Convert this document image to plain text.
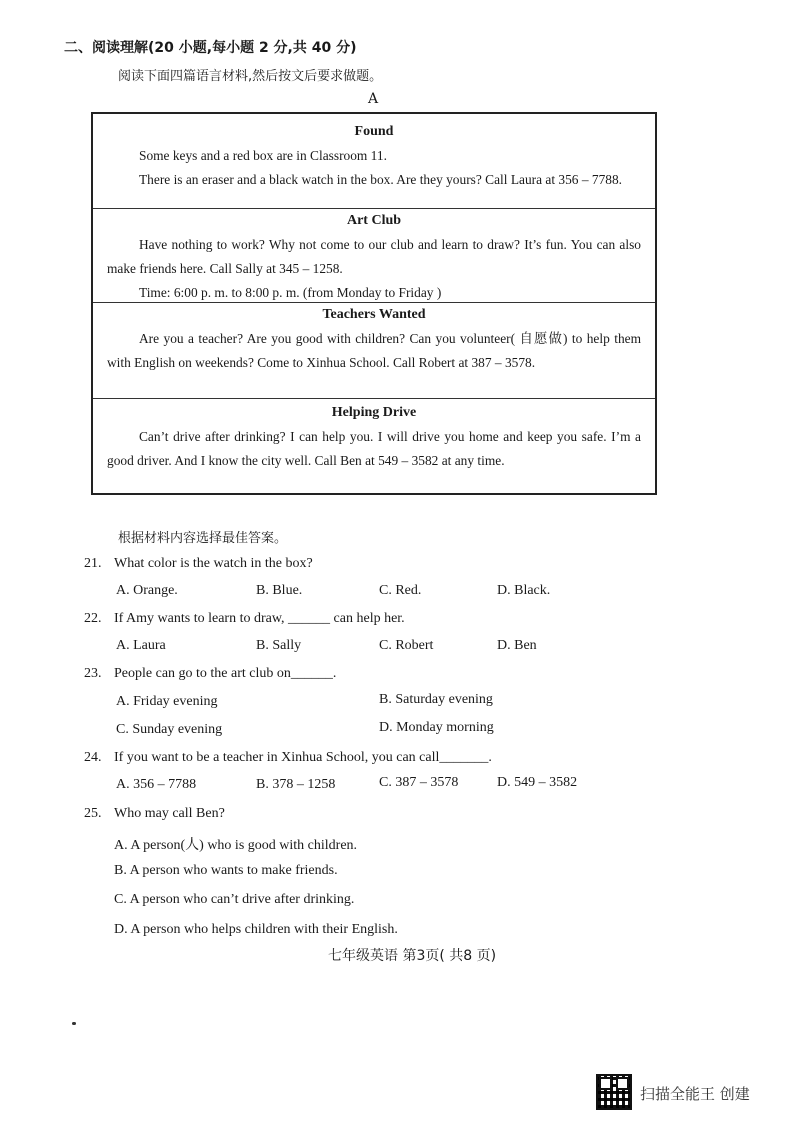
二、阅读理解(20 小题,每小题 2 分,共 40 分)
阅读下面四篇语言材料,然后按文后要求做题。
A
Found
Some keys and a red box are in Classroom 11.
There is an eraser and a black watch in the box. Are they yours? Call Laura at 356 – 7788.
Art Club
Have nothing to work? Why not come to our club and learn to draw? It’s fun. You can also make friends here. Call Sally at 345 – 1258.
Time: 6:00 p. m. to 8:00 p. m. (from Monday to Friday )
Teachers Wanted
Are you a teacher? Are you good with children? Can you volunteer( 自愿做) to help them with English on weekends? Come to Xinhua School. Call Robert at 387 – 3578.
Helping Drive
Can’t drive after drinking? I can help you. I will drive you home and keep you safe. I’m a good driver. And I know the city well. Call Ben at 549 – 3582 at any time.
根据材料内容选择最佳答案。
21. What color is the watch in the box?
A. Orange.	B. Blue.	C. Red.	D. Black.
22. If Amy wants to learn to draw, ______ can help her.
A. Laura	B. Sally	C. Robert	D. Ben
23. People can go to the art club on______.
A. Friday evening	B. Saturday evening
C. Sunday evening	D. Monday morning
24. If you want to be a teacher in Xinhua School, you can call_______.
A. 356 – 7788	B. 378 – 1258	C. 387 – 3578	D. 549 – 3582
25. Who may call Ben?
A. A person(人) who is good with children.
B. A person who wants to make friends.
C. A person who can’t drive after drinking.
D. A person who helps children with their English.
七年级英语 第3页( 共8 页)
扫描全能王 创建
